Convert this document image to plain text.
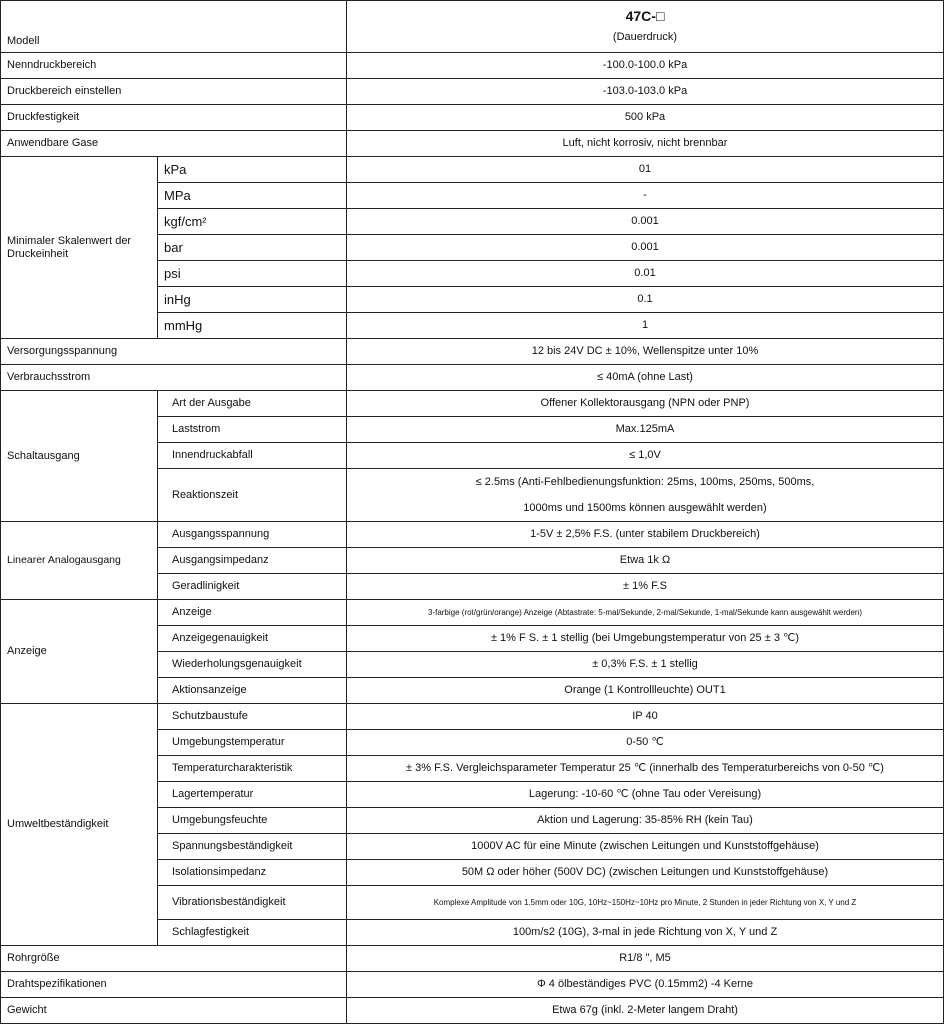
Modell		47C-□
(Dauerdruck)

Nenndruckbereich		-100.0-100.0 kPa
Druckbereich einstellen		-103.0-103.0 kPa
Druckfestigkeit		500 kPa
Anwendbare Gase		Luft, nicht korrosiv, nicht brennbar
Minimaler Skalenwert der Druckeinheit	kPa	01
	MPa	-
	kgf/cm²	0.001
	bar	0.001
	psi	0.01
	inHg	0.1
	mmHg	1
Versorgungsspannung		12 bis 24V DC ± 10%, Wellenspitze unter 10%
Verbrauchsstrom		≤ 40mA (ohne Last)
Schaltausgang	Art der Ausgabe	Offener Kollektorausgang (NPN oder PNP)
	Laststrom	Max.125mA
	Innendruckabfall	≤ 1,0V
	Reaktionszeit	≤ 2.5ms (Anti-Fehlbedienungsfunktion: 25ms, 100ms, 250ms, 500ms,
1000ms und 1500ms können ausgewählt werden)

Linearer Analogausgang	Ausgangsspannung	1-5V ± 2,5% F.S. (unter stabilem Druckbereich)
	Ausgangsimpedanz	Etwa 1k Ω
	Geradlinigkeit	± 1% F.S
Anzeige	Anzeige	3-farbige (rot/grün/orange) Anzeige (Abtastrate: 5-mal/Sekunde, 2-mal/Sekunde, 1-mal/Sekunde kann ausgewählt werden)
	Anzeigegenauigkeit	± 1% F S. ± 1 stellig (bei Umgebungstemperatur von 25 ± 3 ℃)
	Wiederholungsgenauigkeit	± 0,3% F.S. ± 1 stellig
	Aktionsanzeige	Orange (1 Kontrollleuchte) OUT1
Umweltbeständigkeit	Schutzbaustufe	IP 40
	Umgebungstemperatur	0-50 ℃
	Temperaturcharakteristik	± 3% F.S. Vergleichsparameter Temperatur 25 ℃ (innerhalb des Temperaturbereichs von 0-50 ℃)
	Lagertemperatur	Lagerung: -10-60 ℃ (ohne Tau oder Vereisung)
	Umgebungsfeuchte	Aktion und Lagerung: 35-85% RH (kein Tau)
	Spannungsbeständigkeit	1000V AC für eine Minute (zwischen Leitungen und Kunststoffgehäuse)
	Isolationsimpedanz	50M Ω oder höher (500V DC) (zwischen Leitungen und Kunststoffgehäuse)
	Vibrationsbeständigkeit	Komplexe Amplitude von 1.5mm oder 10G, 10Hz~150Hz~10Hz pro Minute, 2 Stunden in jeder Richtung von X, Y und Z
	Schlagfestigkeit	100m/s2 (10G), 3-mal in jede Richtung von X, Y und Z
Rohrgröße		R1/8 ", M5
Drahtspezifikationen		Φ 4 ölbeständiges PVC (0.15mm2) -4 Kerne
Gewicht		Etwa 67g (inkl. 2-Meter langem Draht)
